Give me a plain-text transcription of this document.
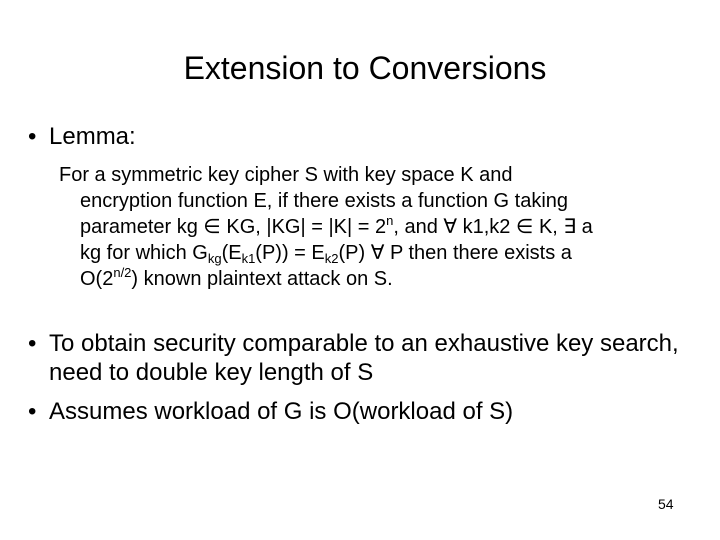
Extension to Conversions
• Lemma:
For a symmetric key cipher S with key space K and
encryption function E, if there exists a function G taking
parameter kg ∈ KG, $|KG| = |K| = 2^n$, and ∀ k1,k2 ∈ K, ∃ a
kg for which $G_{kg}(E_{k1}(P)) = E_{k2}(P)$ ∀ P then there exists a
$O(2^{n/2})$ known plaintext attack on S.
• To obtain security comparable to an exhaustive key search, need to double key length of S
• Assumes workload of G is O(workload of S)
54
